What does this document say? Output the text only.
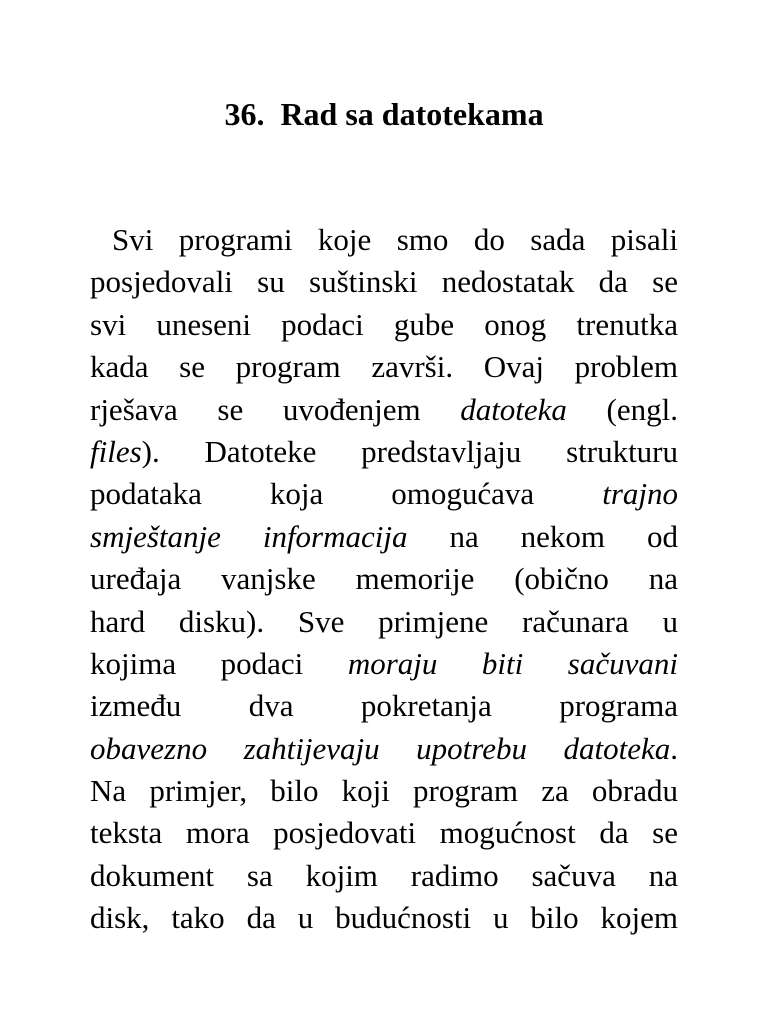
36.  Rad sa datotekama
Svi programi koje smo do sada pisali
posjedovali su suštinski nedostatak da se
svi uneseni podaci gube onog trenutka
kada se program završi. Ovaj problem
rješava se uvođenjem datoteka (engl.
files). Datoteke predstavljaju strukturu
podataka koja omogućava trajno
smještanje informacija na nekom od
uređaja vanjske memorije (obično na
hard disku). Sve primjene računara u
kojima podaci moraju biti sačuvani
između dva pokretanja programa
obavezno zahtijevaju upotrebu datoteka.
Na primjer, bilo koji program za obradu
teksta mora posjedovati mogućnost da se
dokument sa kojim radimo sačuva na
disk, tako da u budućnosti u bilo kojem
